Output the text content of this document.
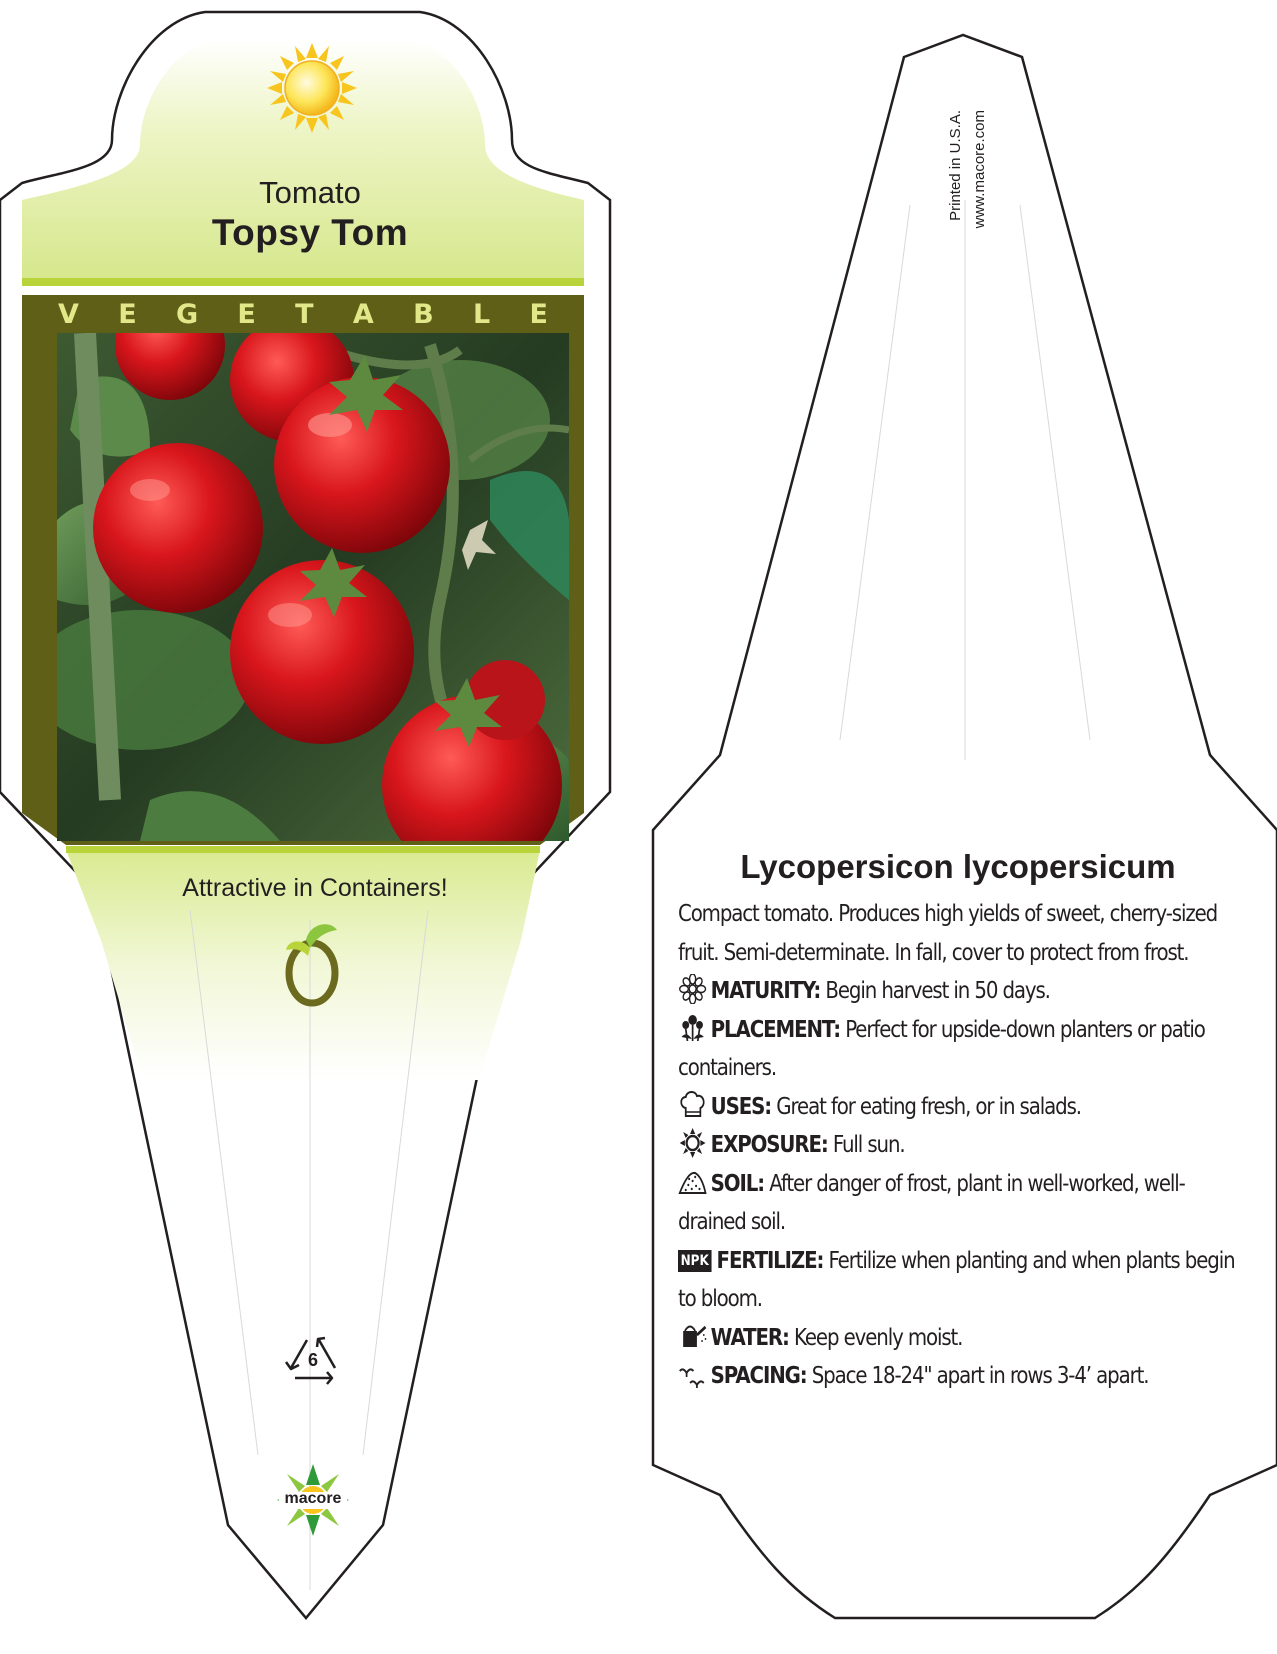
Tomato
Topsy Tom
V E G E T A B L E
Attractive in Containers!
6
macore
Printed in U.S.A. www.macore.com
Lycopersicon lycopersicum

Compact tomato. Produces high yields of sweet, cherry-sized fruit. Semi-determinate. In fall, cover to protect from frost.

MATURITY: Begin harvest in 50 days.

PLACEMENT: Perfect for upside-down planters or patio containers.

USES: Great for eating fresh, or in salads.

EXPOSURE: Full sun.

SOIL: After danger of frost, plant in well-worked, well-drained soil.

NPK FERTILIZE: Fertilize when planting and when plants begin to bloom.

WATER: Keep evenly moist.

SPACING: Space 18-24" apart in rows 3-4’ apart.
